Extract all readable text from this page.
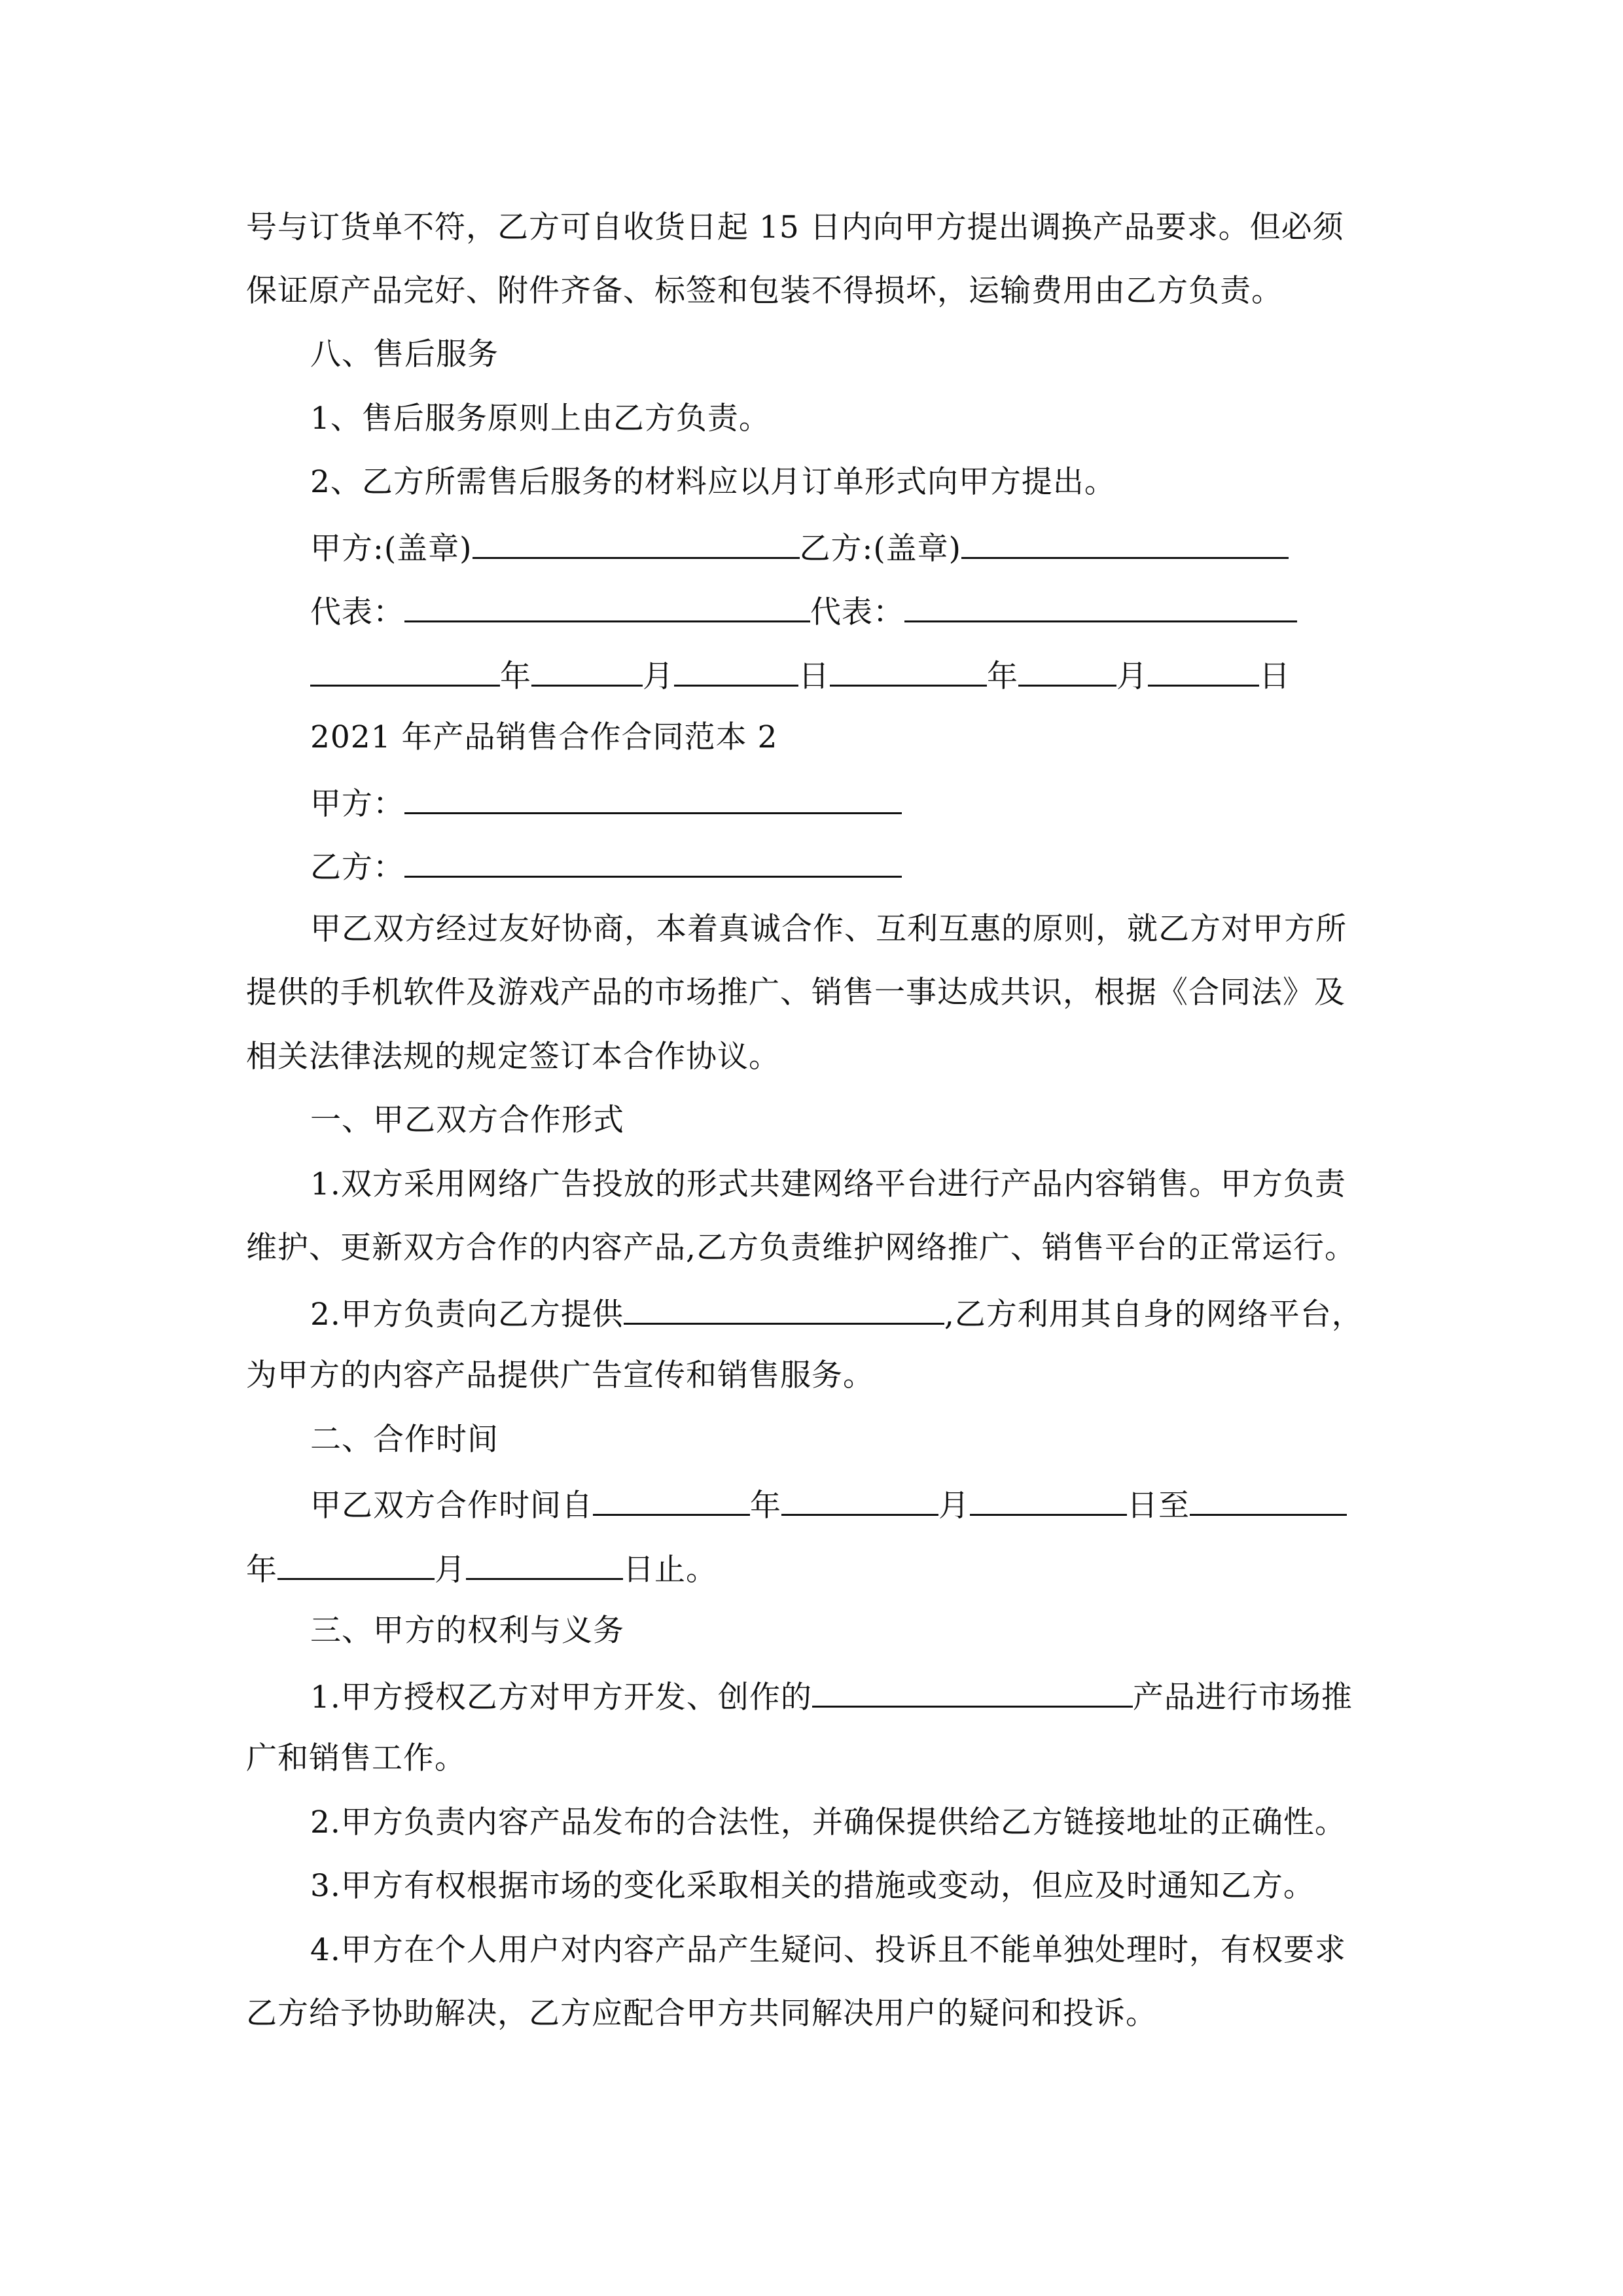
号与订货单不符，乙方可自收货日起 15 日内向甲方提出调换产品要求。但必须
保证原产品完好、附件齐备、标签和包装不得损坏，运输费用由乙方负责。
八、售后服务
1、售后服务原则上由乙方负责。
2、乙方所需售后服务的材料应以月订单形式向甲方提出。
甲方:(盖章)	乙方:(盖章)
代表：	代表：
年	月	日	年	月	日
2021 年产品销售合作合同范本 2
甲方：
乙方：
甲乙双方经过友好协商，本着真诚合作、互利互惠的原则，就乙方对甲方所
提供的手机软件及游戏产品的市场推广、销售一事达成共识，根据《合同法》及
相关法律法规的规定签订本合作协议。
一、甲乙双方合作形式
1.双方采用网络广告投放的形式共建网络平台进行产品内容销售。甲方负责
维护、更新双方合作的内容产品,乙方负责维护网络推广、销售平台的正常运行。
2.甲方负责向乙方提供	,乙方利用其自身的网络平台，
为甲方的内容产品提供广告宣传和销售服务。
二、合作时间
甲乙双方合作时间自	年	月	日至
年	月	日止。
三、甲方的权利与义务
1.甲方授权乙方对甲方开发、创作的	产品进行市场推
广和销售工作。
2.甲方负责内容产品发布的合法性，并确保提供给乙方链接地址的正确性。
3.甲方有权根据市场的变化采取相关的措施或变动，但应及时通知乙方。
4.甲方在个人用户对内容产品产生疑问、投诉且不能单独处理时，有权要求
乙方给予协助解决，乙方应配合甲方共同解决用户的疑问和投诉。
